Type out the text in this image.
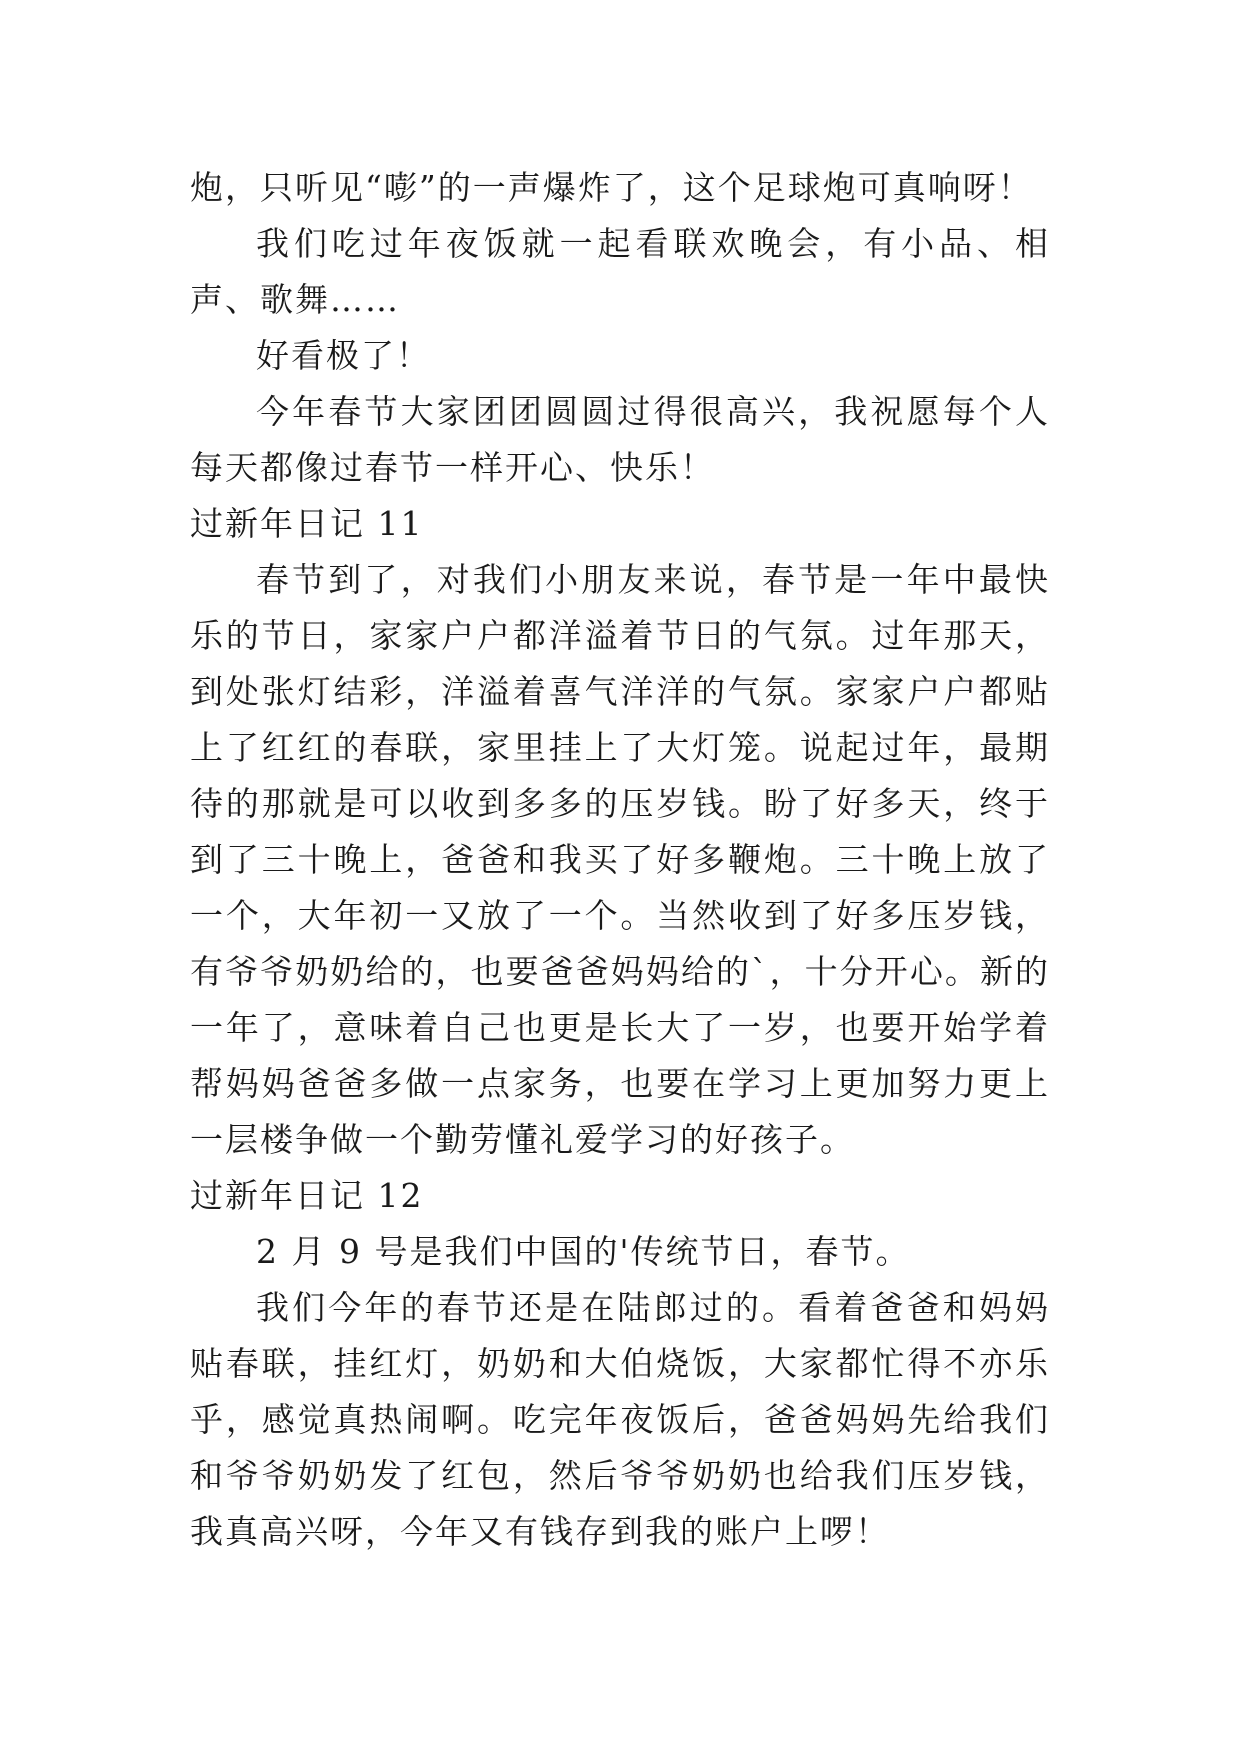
炮，只听见“嘭”的一声爆炸了，这个足球炮可真响呀！

我们吃过年夜饭就一起看联欢晚会，有小品、相声、歌舞……

好看极了！

今年春节大家团团圆圆过得很高兴，我祝愿每个人每天都像过春节一样开心、快乐！

过新年日记 11

春节到了，对我们小朋友来说，春节是一年中最快乐的节日，家家户户都洋溢着节日的气氛。过年那天，到处张灯结彩，洋溢着喜气洋洋的气氛。家家户户都贴上了红红的春联，家里挂上了大灯笼。说起过年，最期待的那就是可以收到多多的压岁钱。盼了好多天，终于到了三十晚上，爸爸和我买了好多鞭炮。三十晚上放了一个，大年初一又放了一个。当然收到了好多压岁钱，有爷爷奶奶给的，也要爸爸妈妈给的`，十分开心。新的一年了，意味着自己也更是长大了一岁，也要开始学着帮妈妈爸爸多做一点家务，也要在学习上更加努力更上一层楼争做一个勤劳懂礼爱学习的好孩子。

过新年日记 12

2 月 9 号是我们中国的'传统节日，春节。

我们今年的春节还是在陆郎过的。看着爸爸和妈妈贴春联，挂红灯，奶奶和大伯烧饭，大家都忙得不亦乐乎，感觉真热闹啊。吃完年夜饭后，爸爸妈妈先给我们和爷爷奶奶发了红包，然后爷爷奶奶也给我们压岁钱，我真高兴呀，今年又有钱存到我的账户上啰！
